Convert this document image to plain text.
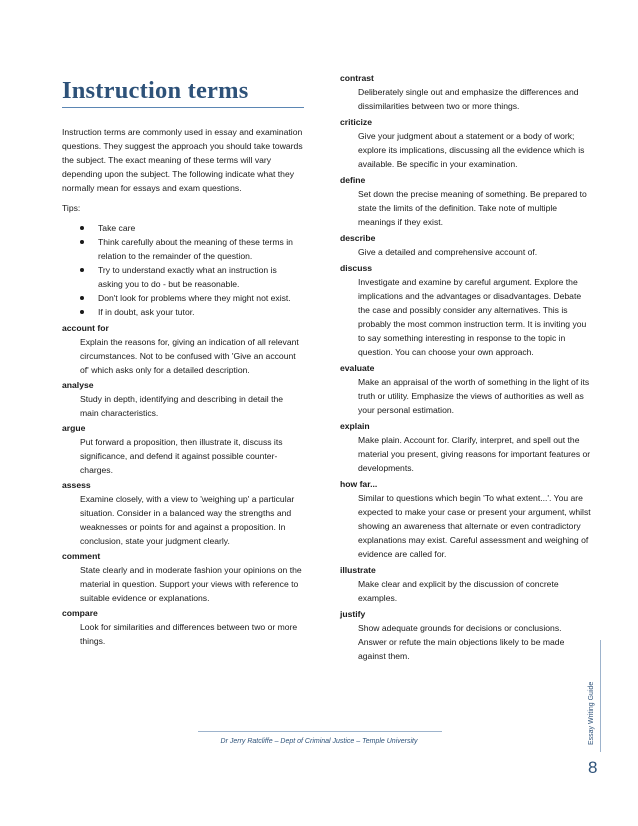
Instruction terms

Instruction terms are commonly used in essay and examination questions. They suggest the approach you should take towards the subject. The exact meaning of these terms will vary depending upon the subject. The following indicate what they normally mean for essays and exam questions.

Tips:
Take care
Think carefully about the meaning of these terms in relation to the remainder of the question.
Try to understand exactly what an instruction is asking you to do - but be reasonable.
Don't look for problems where they might not exist.
If in doubt, ask your tutor.
account for
Explain the reasons for, giving an indication of all relevant circumstances. Not to be confused with 'Give an account of' which asks only for a detailed description.
analyse
Study in depth, identifying and describing in detail the main characteristics.
argue
Put forward a proposition, then illustrate it, discuss its significance, and defend it against possible counter-charges.
assess
Examine closely, with a view to 'weighing up' a particular situation. Consider in a balanced way the strengths and weaknesses or points for and against a proposition. In conclusion, state your judgment clearly.
comment
State clearly and in moderate fashion your opinions on the material in question. Support your views with reference to suitable evidence or explanations.
compare
Look for similarities and differences between two or more things.
contrast
Deliberately single out and emphasize the differences and dissimilarities between two or more things.
criticize
Give your judgment about a statement or a body of work; explore its implications, discussing all the evidence which is available. Be specific in your examination.
define
Set down the precise meaning of something. Be prepared to state the limits of the definition. Take note of multiple meanings if they exist.
describe
Give a detailed and comprehensive account of.
discuss
Investigate and examine by careful argument. Explore the implications and the advantages or disadvantages. Debate the case and possibly consider any alternatives. This is probably the most common instruction term. It is inviting you to say something interesting in response to the topic in question. You can choose your own approach.
evaluate
Make an appraisal of the worth of something in the light of its truth or utility. Emphasize the views of authorities as well as your personal estimation.
explain
Make plain. Account for. Clarify, interpret, and spell out the material you present, giving reasons for important features or developments.
how far...
Similar to questions which begin 'To what extent...'. You are expected to make your case or present your argument, whilst showing an awareness that alternate or even contradictory explanations may exist. Careful assessment and weighing of evidence are called for.
illustrate
Make clear and explicit by the discussion of concrete examples.
justify
Show adequate grounds for decisions or conclusions. Answer or refute the main objections likely to be made against them.
Essay Writing Guide
8
Dr Jerry Ratcliffe – Dept of Criminal Justice – Temple University
